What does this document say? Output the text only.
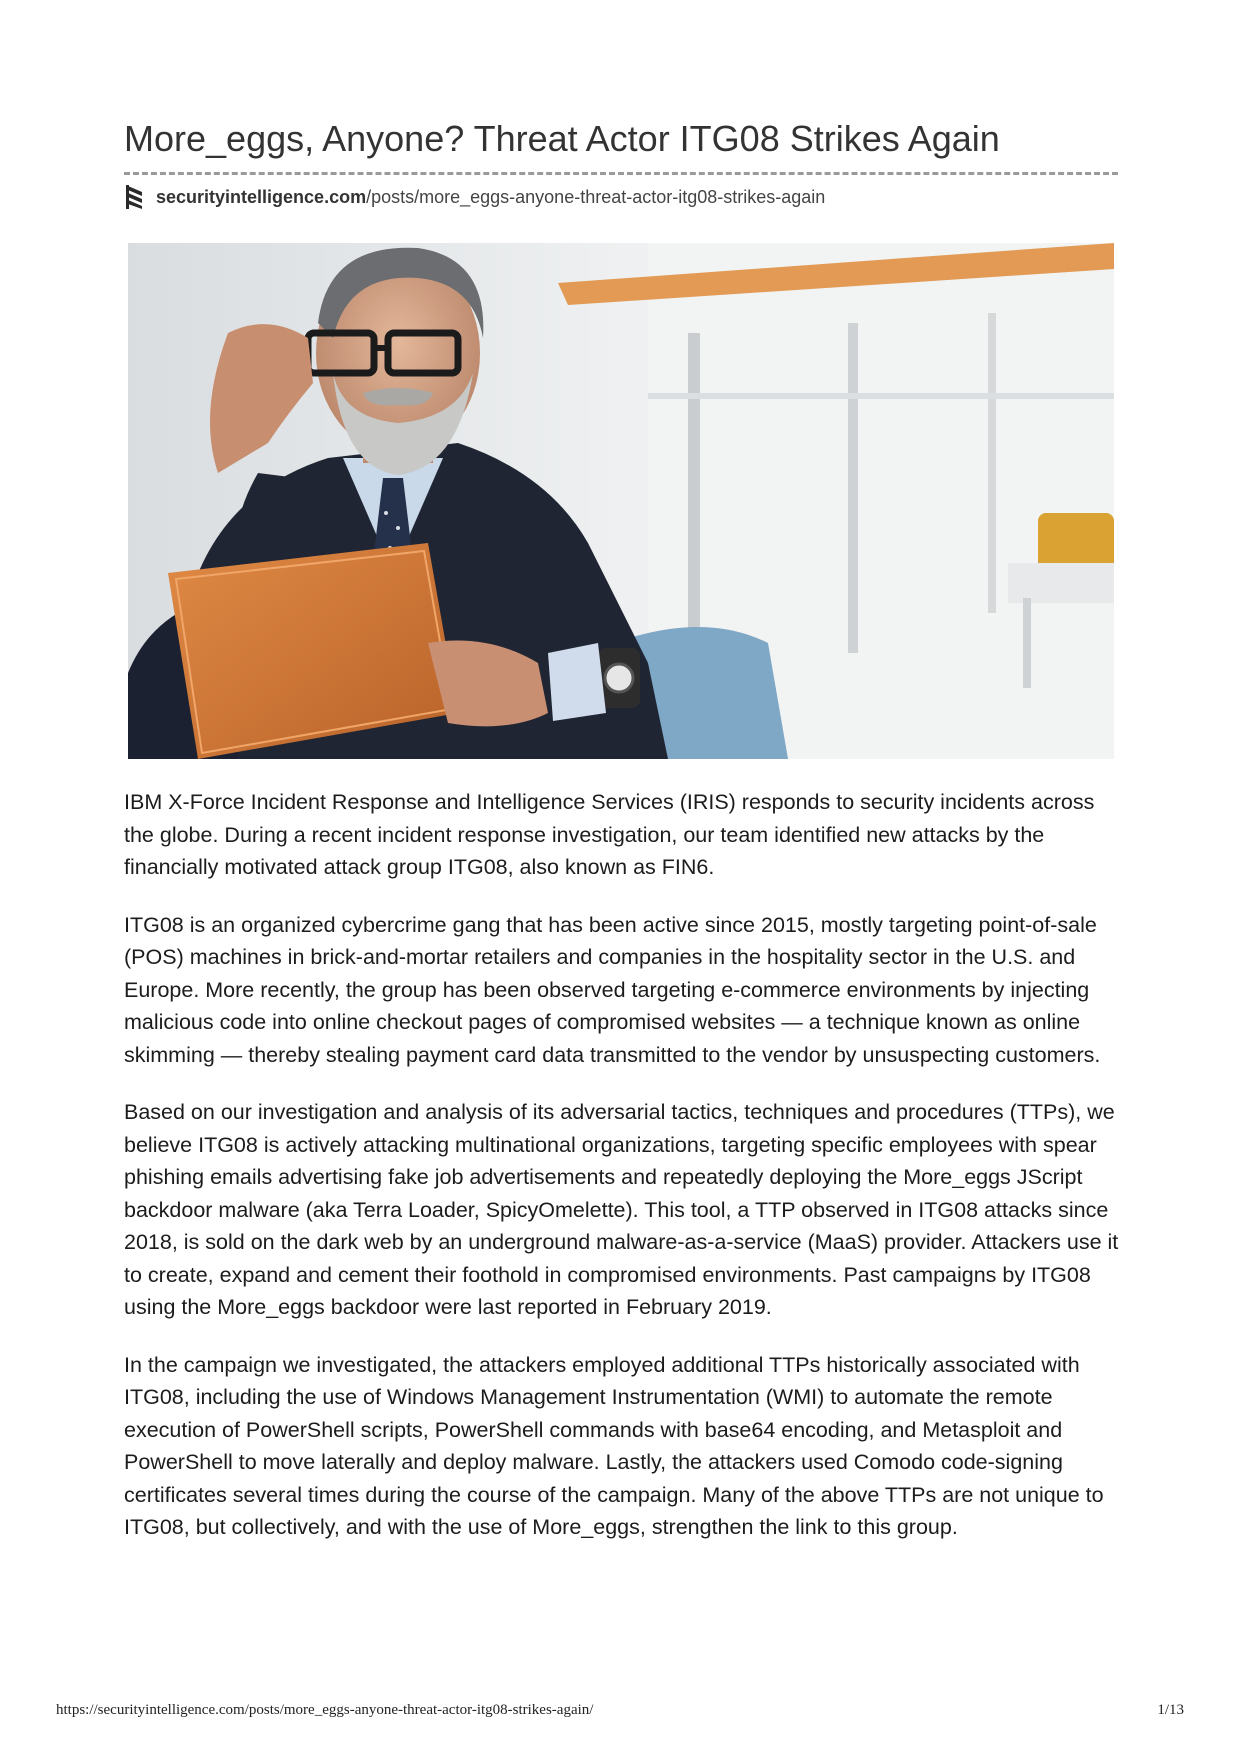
More_eggs, Anyone? Threat Actor ITG08 Strikes Again
securityintelligence.com /posts/more_eggs-anyone-threat-actor-itg08-strikes-again

IBM X-Force Incident Response and Intelligence Services (IRIS) responds to security incidents across the globe. During a recent incident response investigation, our team identified new attacks by the financially motivated attack group ITG08, also known as FIN6.

ITG08 is an organized cybercrime gang that has been active since 2015, mostly targeting point-of-sale (POS) machines in brick-and-mortar retailers and companies in the hospitality sector in the U.S. and Europe. More recently, the group has been observed targeting e-commerce environments by injecting malicious code into online checkout pages of compromised websites — a technique known as online skimming — thereby stealing payment card data transmitted to the vendor by unsuspecting customers.

Based on our investigation and analysis of its adversarial tactics, techniques and procedures (TTPs), we believe ITG08 is actively attacking multinational organizations, targeting specific employees with spear phishing emails advertising fake job advertisements and repeatedly deploying the More_eggs JScript backdoor malware (aka Terra Loader, SpicyOmelette). This tool, a TTP observed in ITG08 attacks since 2018, is sold on the dark web by an underground malware-as-a-service (MaaS) provider. Attackers use it to create, expand and cement their foothold in compromised environments. Past campaigns by ITG08 using the More_eggs backdoor were last reported in February 2019.

In the campaign we investigated, the attackers employed additional TTPs historically associated with ITG08, including the use of Windows Management Instrumentation (WMI) to automate the remote execution of PowerShell scripts, PowerShell commands with base64 encoding, and Metasploit and PowerShell to move laterally and deploy malware. Lastly, the attackers used Comodo code-signing certificates several times during the course of the campaign. Many of the above TTPs are not unique to ITG08, but collectively, and with the use of More_eggs, strengthen the link to this group.

https://securityintelligence.com/posts/more_eggs-anyone-threat-actor-itg08-strikes-again/	1/13
